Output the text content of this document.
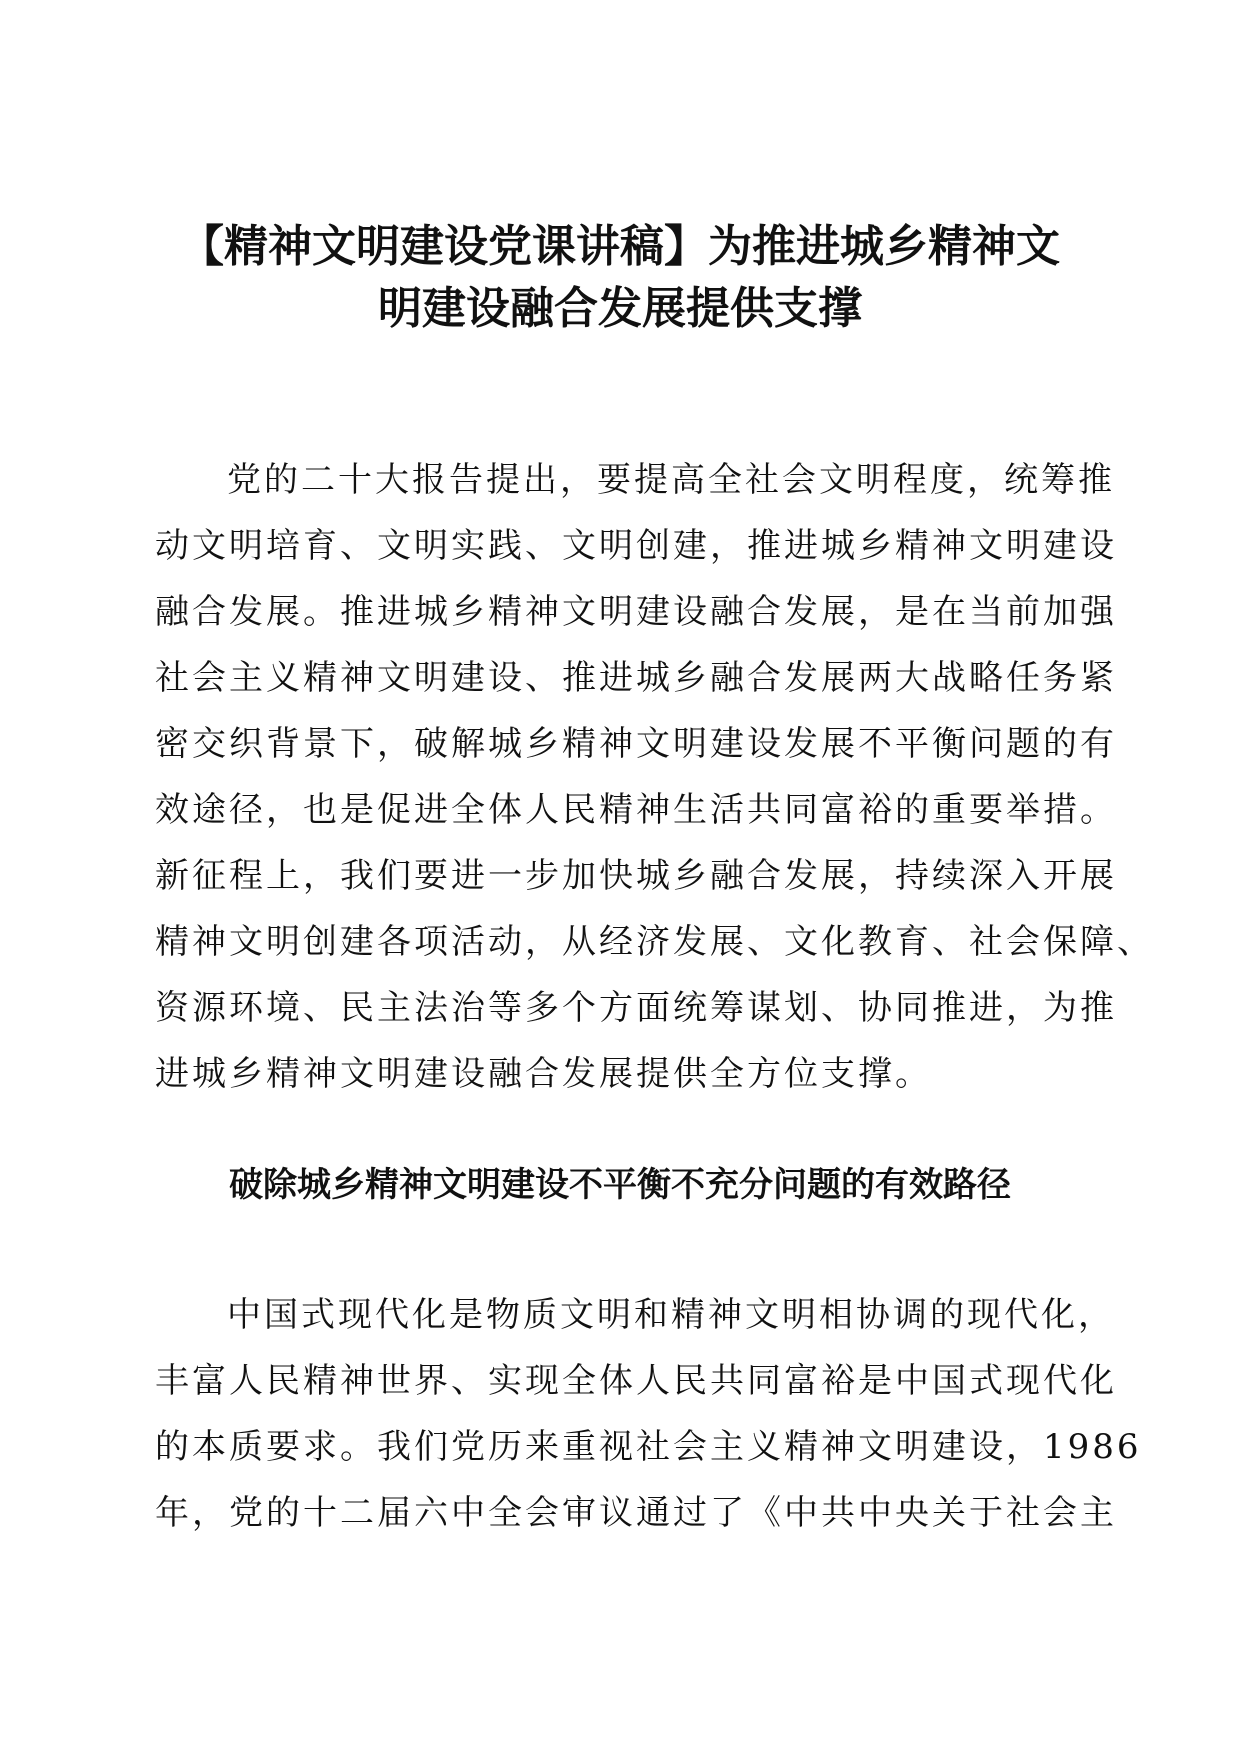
【精神文明建设党课讲稿】为推进城乡精神文
明建设融合发展提供支撑

党的二十大报告提出，要提高全社会文明程度，统筹推
动文明培育、文明实践、文明创建，推进城乡精神文明建设
融合发展。推进城乡精神文明建设融合发展，是在当前加强
社会主义精神文明建设、推进城乡融合发展两大战略任务紧
密交织背景下，破解城乡精神文明建设发展不平衡问题的有
效途径，也是促进全体人民精神生活共同富裕的重要举措。
新征程上，我们要进一步加快城乡融合发展，持续深入开展
精神文明创建各项活动，从经济发展、文化教育、社会保障、
资源环境、民主法治等多个方面统筹谋划、协同推进，为推
进城乡精神文明建设融合发展提供全方位支撑。

破除城乡精神文明建设不平衡不充分问题的有效路径

中国式现代化是物质文明和精神文明相协调的现代化，
丰富人民精神世界、实现全体人民共同富裕是中国式现代化
的本质要求。我们党历来重视社会主义精神文明建设，1986
年，党的十二届六中全会审议通过了《中共中央关于社会主
